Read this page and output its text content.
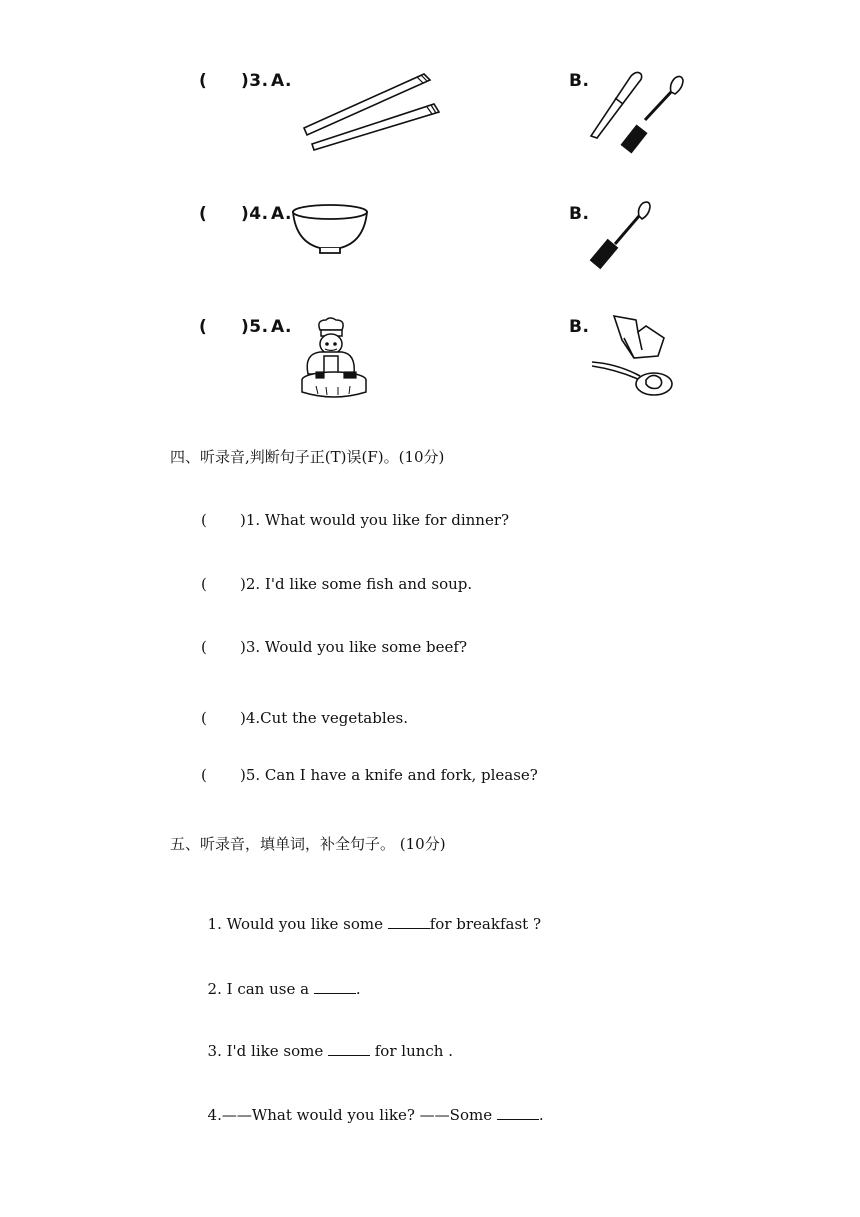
( )3. A.	B.
( )4. A.	B.
( )5. A.	B.
四、听录音,判断句子正(T)误(F)。(10分)
( )1. What would you like for dinner?
( )2. I'd like some fish and soup.
( )3. Would you like some beef?
( )4.Cut the vegetables.
( )5. Can I have a knife and fork, please?
五、听录音，填单词，补全句子。 (10分)

1. Would you like some	for breakfast ?

2. I can use a	.

3. I'd like some	for lunch .

4.——What would you like? ——Some	.
